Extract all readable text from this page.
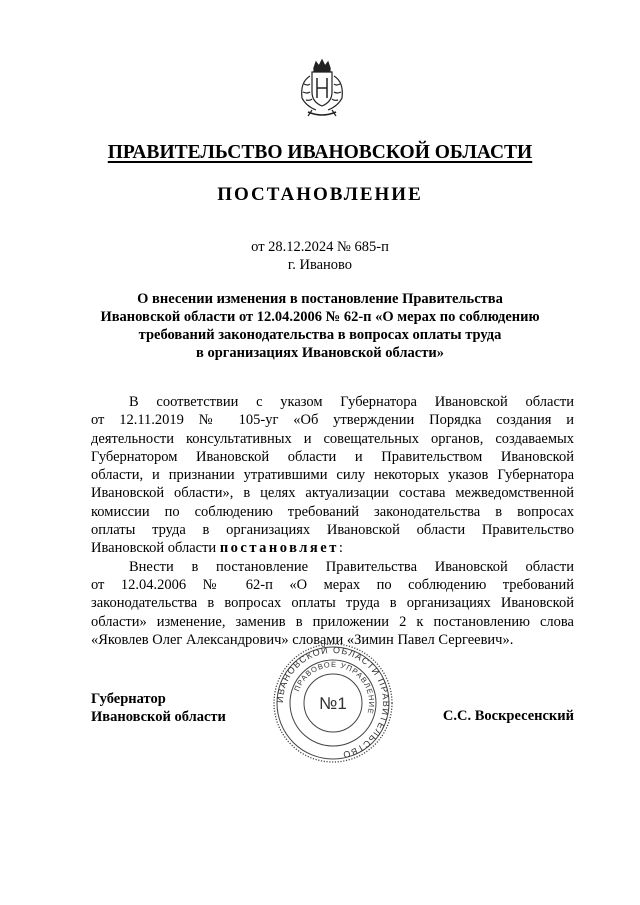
ПРАВИТЕЛЬСТВО ИВАНОВСКОЙ ОБЛАСТИ
ПОСТАНОВЛЕНИЕ
от 28.12.2024 № 685-п
г. Иваново
О внесении изменения в постановление Правительства
Ивановской области от 12.04.2006 № 62-п «О мерах по соблюдению
требований законодательства в вопросах оплаты труда
в организациях Ивановской области»
В соответствии с указом Губернатора Ивановской области
от 12.11.2019 № 105-уг «Об утверждении Порядка создания и
деятельности консультативных и совещательных органов, создаваемых
Губернатором Ивановской области и Правительством Ивановской
области, и признании утратившими силу некоторых указов Губернатора
Ивановской области», в целях актуализации состава межведомственной
комиссии по соблюдению требований законодательства в вопросах
оплаты труда в организациях Ивановской области Правительство
Ивановской области постановляет:
Внести в постановление Правительства Ивановской области
от 12.04.2006 № 62-п «О мерах по соблюдению требований
законодательства в вопросах оплаты труда в организациях Ивановской
области» изменение, заменив в приложении 2 к постановлению слова
«Яковлев Олег Александрович» словами «Зимин Павел Сергеевич».
Губернатор
Ивановской области	С.С. Воскресенский
ИВАНОВСКОЙ ОБЛАСТИ ПРАВИТЕЛЬСТВО
ПРАВОВОЕ УПРАВЛЕНИЕ
№1
